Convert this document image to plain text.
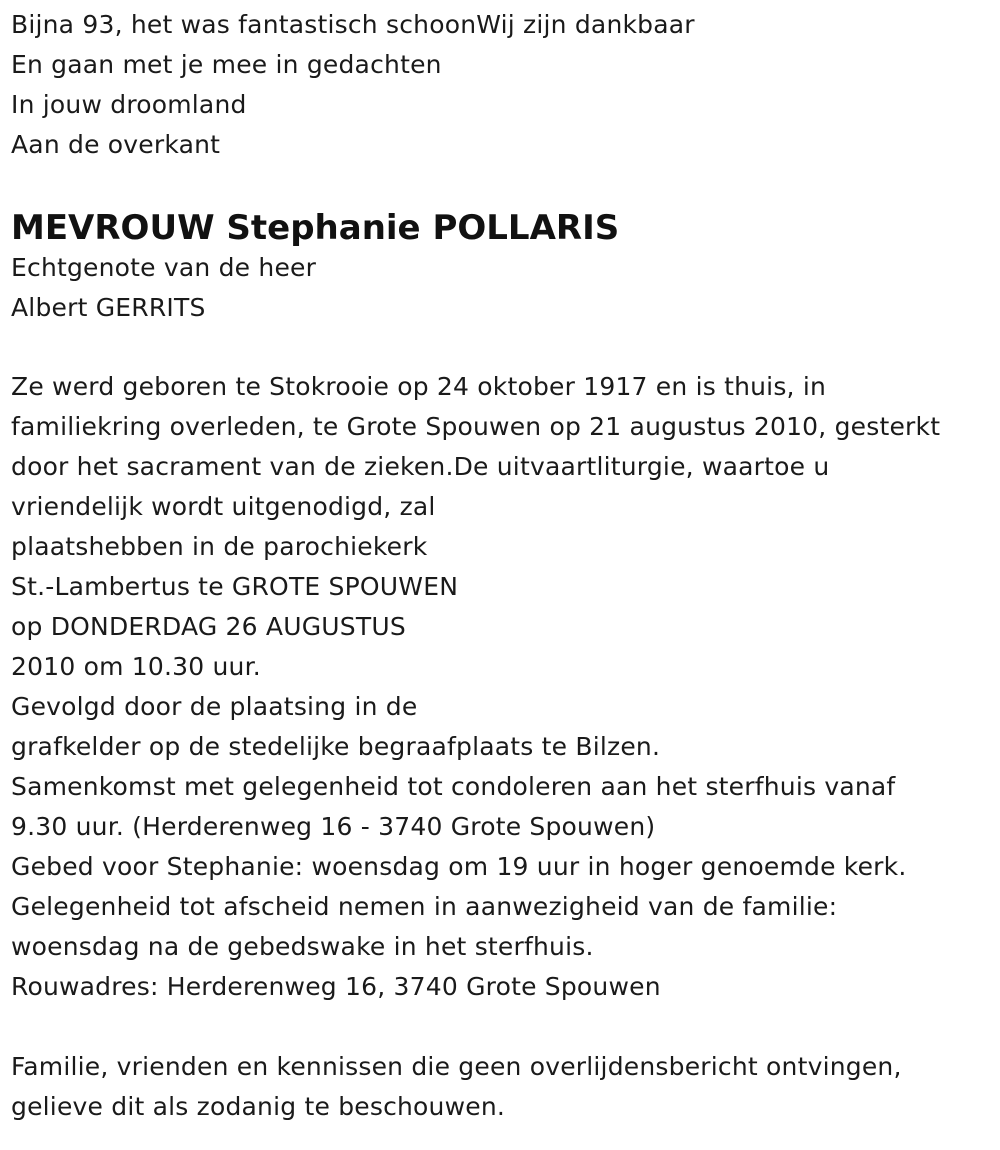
Bijna 93, het was fantastisch schoonWij zijn dankbaar
En gaan met je mee in gedachten
In jouw droomland
Aan de overkant
MEVROUW Stephanie POLLARIS
Echtgenote van de heer
Albert GERRITS
Ze werd geboren te Stokrooie op 24 oktober 1917 en is thuis, in
familiekring overleden, te Grote Spouwen op 21 augustus 2010, gesterkt
door het sacrament van de zieken.De uitvaartliturgie, waartoe u
vriendelijk wordt uitgenodigd, zal
plaatshebben in de parochiekerk
St.-Lambertus te GROTE SPOUWEN
op DONDERDAG 26 AUGUSTUS
2010 om 10.30 uur.
Gevolgd door de plaatsing in de
grafkelder op de stedelijke begraafplaats te Bilzen.
Samenkomst met gelegenheid tot condoleren aan het sterfhuis vanaf
9.30 uur. (Herderenweg 16 - 3740 Grote Spouwen)
Gebed voor Stephanie: woensdag om 19 uur in hoger genoemde kerk.
Gelegenheid tot afscheid nemen in aanwezigheid van de familie:
woensdag na de gebedswake in het sterfhuis.
Rouwadres: Herderenweg 16, 3740 Grote Spouwen
Familie, vrienden en kennissen die geen overlijdensbericht ontvingen,
gelieve dit als zodanig te beschouwen.
